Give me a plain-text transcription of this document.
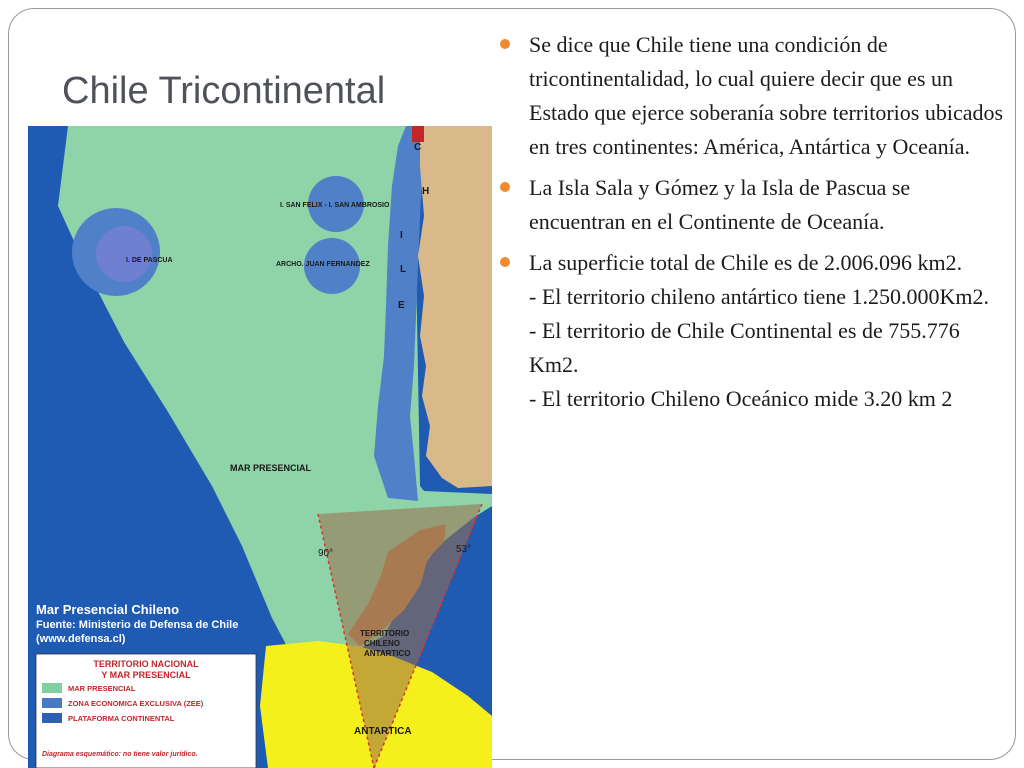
Chile Tricontinental
I. DE PASCUA
I. SAN FELIX - I. SAN AMBROSIO
ARCHO. JUAN FERNANDEZ
MAR PRESENCIAL
TERRITORIO
CHILENO
ANTARTICO
ANTARTICA
90°	53°
C
H
I
L
E
Mar Presencial Chileno
Fuente: Ministerio de Defensa de Chile
(www.defensa.cl)
TERRITORIO NACIONAL
Y MAR PRESENCIAL
MAR PRESENCIAL
ZONA ECONOMICA EXCLUSIVA (ZEE)
PLATAFORMA CONTINENTAL
Diagrama esquemático: no tiene valor jurídico.
Se dice que Chile tiene una condición de tricontinentalidad, lo cual quiere decir que es un Estado que ejerce soberanía sobre territorios ubicados en tres continentes: América, Antártica y Oceanía.
La Isla Sala y Gómez y la Isla de Pascua se encuentran en el Continente de Oceanía.
La superficie total de Chile es de 2.006.096 km2.
- El territorio chileno antártico tiene 1.250.000Km2.
- El territorio de Chile Continental es de 755.776 Km2.
- El territorio Chileno Oceánico mide 3.20 km 2
